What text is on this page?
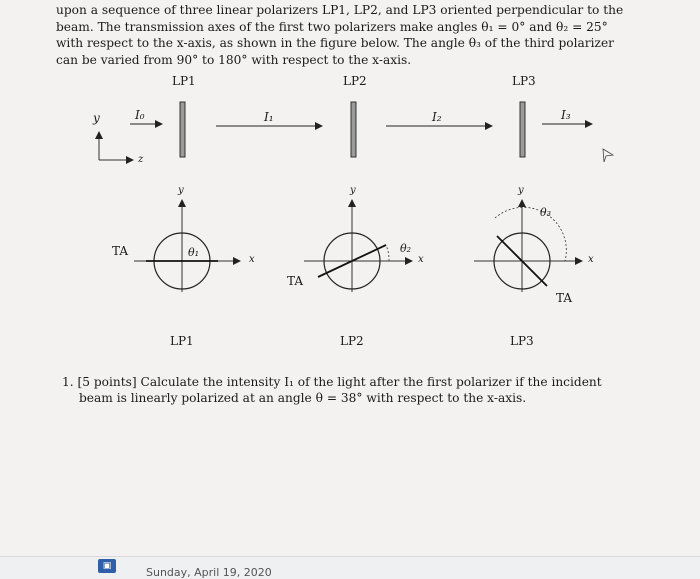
upon a sequence of three linear polarizers LP1, LP2, and LP3 oriented perpendicular to the
beam. The transmission axes of the first two polarizers make angles θ₁ = 0° and θ₂ = 25°
with respect to the x-axis, as shown in the figure below. The angle θ₃ of the third polarizer
can be varied from 90° to 180° with respect to the x-axis.
LP1	LP2	LP3
I₀	I₁	I₂	I₃
y
z
y	y	y
x	x	x
TA
TA
TA
θ₁	θ₂
θ₃
LP1	LP2	LP3
1. [5 points] Calculate the intensity I₁ of the light after the first polarizer if the incident
beam is linearly polarized at an angle θ = 38° with respect to the x-axis.
▣	Sunday, April 19, 2020
